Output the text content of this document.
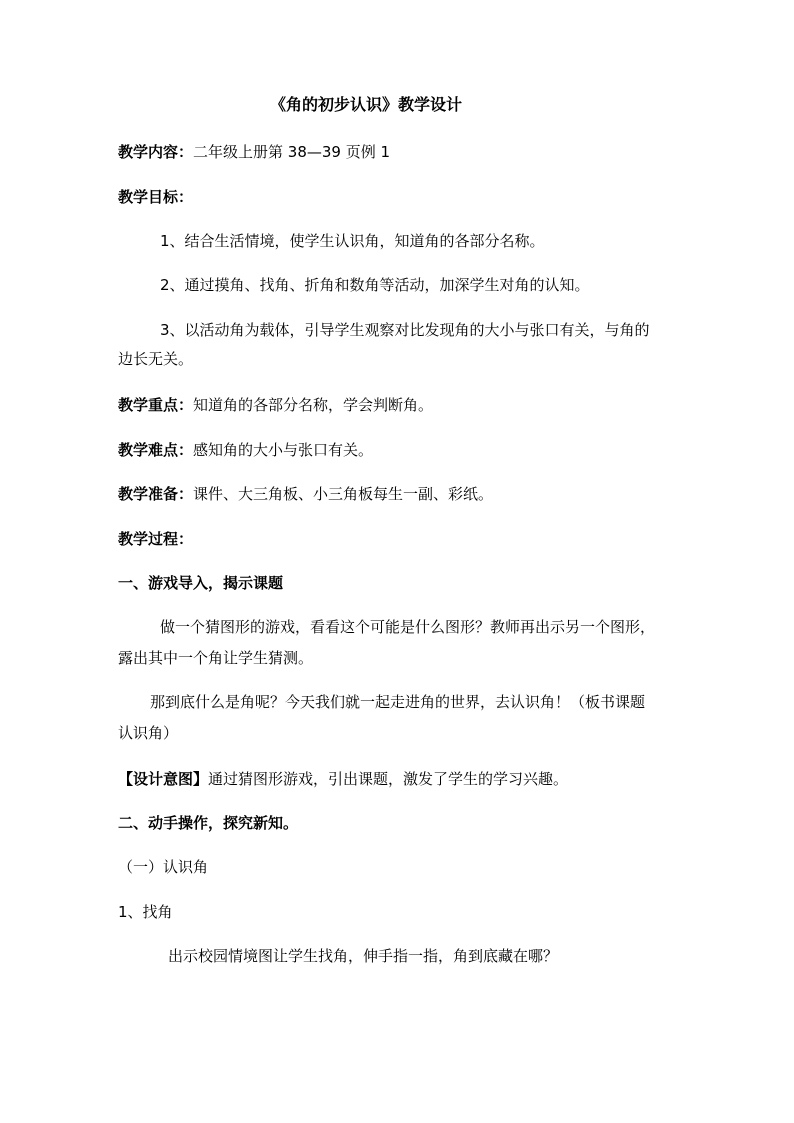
《角的初步认识》教学设计
教学内容：二年级上册第 38—39 页例 1
教学目标：
1、结合生活情境，使学生认识角，知道角的各部分名称。
2、通过摸角、找角、折角和数角等活动，加深学生对角的认知。
3、以活动角为载体，引导学生观察对比发现角的大小与张口有关，与角的
边长无关。
教学重点：知道角的各部分名称，学会判断角。
教学难点：感知角的大小与张口有关。
教学准备：课件、大三角板、小三角板每生一副、彩纸。
教学过程：
一、游戏导入，揭示课题
做一个猜图形的游戏，看看这个可能是什么图形？教师再出示另一个图形，
露出其中一个角让学生猜测。
那到底什么是角呢？今天我们就一起走进角的世界，去认识角！（板书课题
认识角）
【设计意图】通过猜图形游戏，引出课题，激发了学生的学习兴趣。
二、动手操作，探究新知。
（一）认识角
1、找角
出示校园情境图让学生找角，伸手指一指，角到底藏在哪？
